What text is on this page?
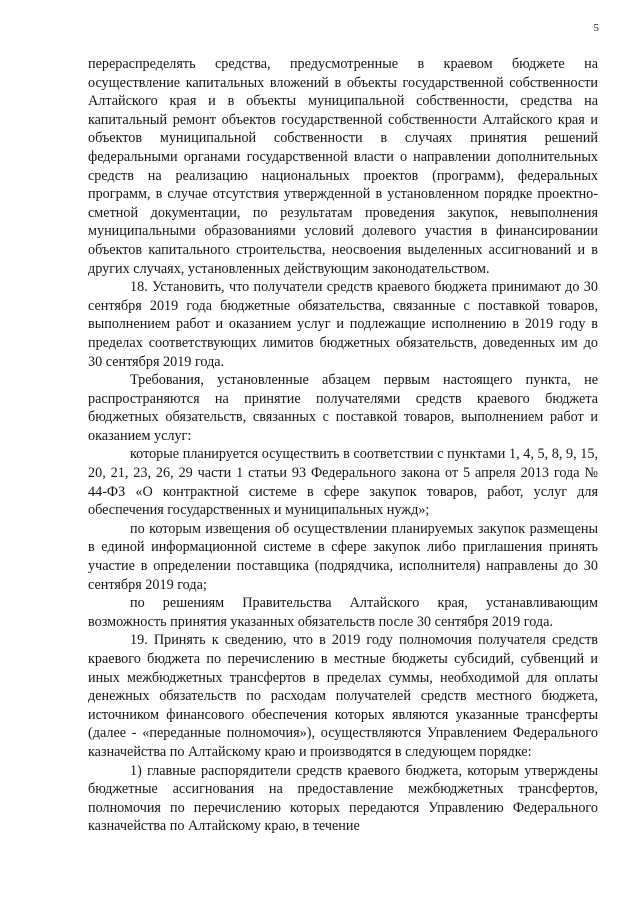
5

перераспределять средства, предусмотренные в краевом бюджете на осуществление капитальных вложений в объекты государственной собственности Алтайского края и в объекты муниципальной собственности, средства на капитальный ремонт объектов государственной собственности Алтайского края и объектов муниципальной собственности в случаях принятия решений федеральными органами государственной власти о направлении дополнительных средств на реализацию национальных проектов (программ), федеральных программ, в случае отсутствия утвержденной в установленном порядке проектно-сметной документации, по результатам проведения закупок, невыполнения муниципальными образованиями условий долевого участия в финансировании объектов капитального строительства, неосвоения выделенных ассигнований и в других случаях, установленных действующим законодательством.

18. Установить, что получатели средств краевого бюджета принимают до 30 сентября 2019 года бюджетные обязательства, связанные с поставкой товаров, выполнением работ и оказанием услуг и подлежащие исполнению в 2019 году в пределах соответствующих лимитов бюджетных обязательств, доведенных им до 30 сентября 2019 года.

Требования, установленные абзацем первым настоящего пункта, не распространяются на принятие получателями средств краевого бюджета бюджетных обязательств, связанных с поставкой товаров, выполнением работ и оказанием услуг:

которые планируется осуществить в соответствии с пунктами 1, 4, 5, 8, 9, 15, 20, 21, 23, 26, 29 части 1 статьи 93 Федерального закона от 5 апреля 2013 года № 44-ФЗ «О контрактной системе в сфере закупок товаров, работ, услуг для обеспечения государственных и муниципальных нужд»;

по которым извещения об осуществлении планируемых закупок размещены в единой информационной системе в сфере закупок либо приглашения принять участие в определении поставщика (подрядчика, исполнителя) направлены до 30 сентября 2019 года;

по решениям Правительства Алтайского края, устанавливающим возможность принятия указанных обязательств после 30 сентября 2019 года.

19. Принять к сведению, что в 2019 году полномочия получателя средств краевого бюджета по перечислению в местные бюджеты субсидий, субвенций и иных межбюджетных трансфертов в пределах суммы, необходимой для оплаты денежных обязательств по расходам получателей средств местного бюджета, источником финансового обеспечения которых являются указанные трансферты (далее - «переданные полномочия»), осуществляются Управлением Федерального казначейства по Алтайскому краю и производятся в следующем порядке:

1) главные распорядители средств краевого бюджета, которым утверждены бюджетные ассигнования на предоставление межбюджетных трансфертов, полномочия по перечислению которых передаются Управлению Федерального казначейства по Алтайскому краю, в течение
